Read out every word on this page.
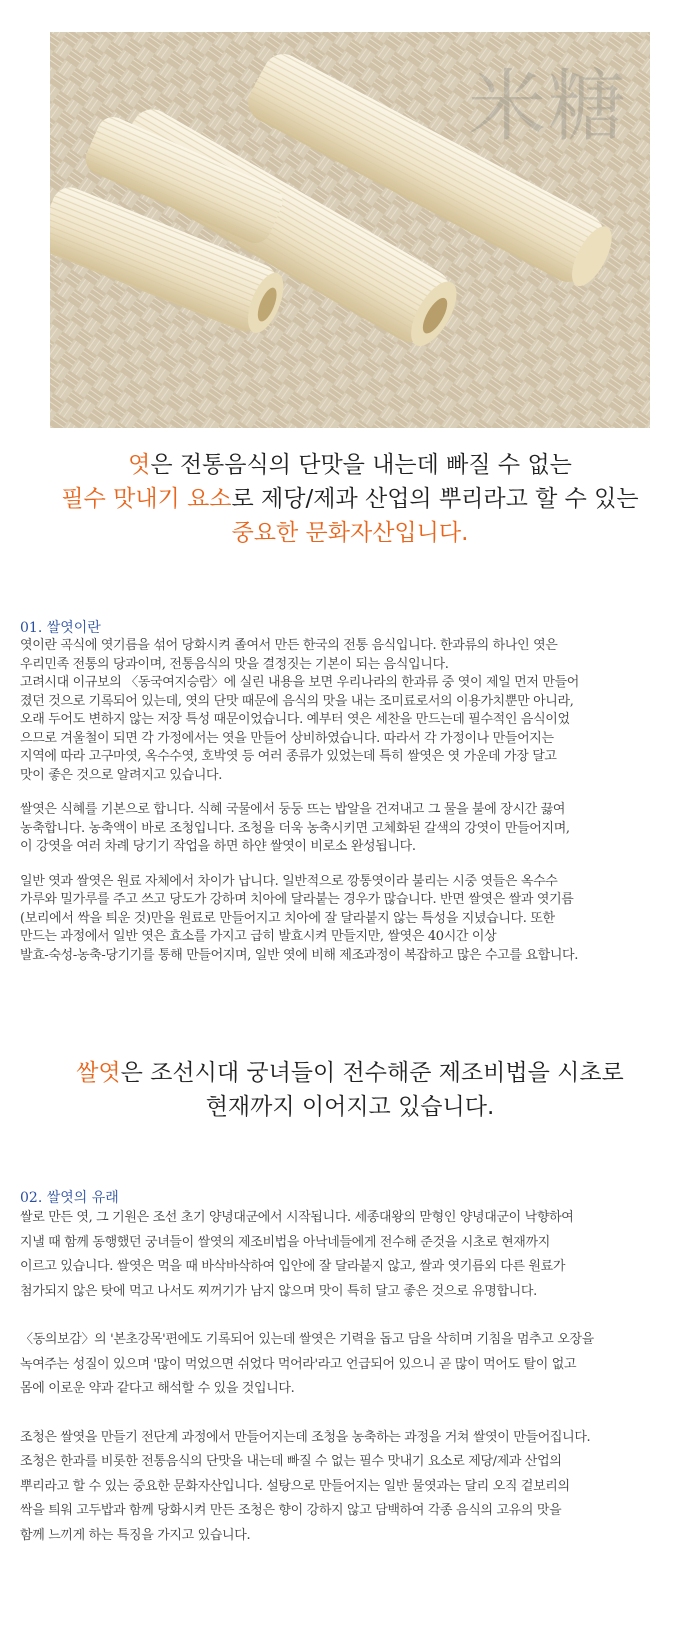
米糖
엿은 전통음식의 단맛을 내는데 빠질 수 없는
필수 맛내기 요소로 제당/제과 산업의 뿌리라고 할 수 있는
중요한 문화자산입니다.
01. 쌀엿이란

엿이란 곡식에 엿기름을 섞어 당화시켜 졸여서 만든 한국의 전통 음식입니다. 한과류의 하나인 엿은
우리민족 전통의 당과이며, 전통음식의 맛을 결정짓는 기본이 되는 음식입니다.
고려시대 이규보의 〈동국여지승람〉에 실린 내용을 보면 우리나라의 한과류 중 엿이 제일 먼저 만들어
졌던 것으로 기록되어 있는데, 엿의 단맛 때문에 음식의 맛을 내는 조미료로서의 이용가치뿐만 아니라,
오래 두어도 변하지 않는 저장 특성 때문이었습니다. 예부터 엿은 세찬을 만드는데 필수적인 음식이었
으므로 겨울철이 되면 각 가정에서는 엿을 만들어 상비하였습니다. 따라서 각 가정이나 만들어지는
지역에 따라 고구마엿, 옥수수엿, 호박엿 등 여러 종류가 있었는데 특히 쌀엿은 엿 가운데 가장 달고
맛이 좋은 것으로 알려지고 있습니다.

쌀엿은 식혜를 기본으로 합니다. 식혜 국물에서 둥둥 뜨는 밥알을 건져내고 그 물을 불에 장시간 끓여
농축합니다. 농축액이 바로 조청입니다. 조청을 더욱 농축시키면 고체화된 갈색의 강엿이 만들어지며,
이 강엿을 여러 차례 당기기 작업을 하면 하얀 쌀엿이 비로소 완성됩니다.

일반 엿과 쌀엿은 원료 자체에서 차이가 납니다. 일반적으로 깡통엿이라 불리는 시중 엿들은 옥수수
가루와 밀가루를 주고 쓰고 당도가 강하며 치아에 달라붙는 경우가 많습니다. 반면 쌀엿은 쌀과 엿기름
(보리에서 싹을 틔운 것)만을 원료로 만들어지고 치아에 잘 달라붙지 않는 특성을 지녔습니다. 또한
만드는 과정에서 일반 엿은 효소를 가지고 급히 발효시켜 만들지만, 쌀엿은 40시간 이상
발효-숙성-농축-당기기를 통해 만들어지며, 일반 엿에 비해 제조과정이 복잡하고 많은 수고를 요합니다.

쌀엿은 조선시대 궁녀들이 전수해준 제조비법을 시초로
현재까지 이어지고 있습니다.
02. 쌀엿의 유래

쌀로 만든 엿, 그 기원은 조선 초기 양녕대군에서 시작됩니다. 세종대왕의 맏형인 양녕대군이 낙향하여
지낼 때 함께 동행했던 궁녀들이 쌀엿의 제조비법을 아낙네들에게 전수해 준것을 시초로 현재까지
이르고 있습니다. 쌀엿은 먹을 때 바삭바삭하여 입안에 잘 달라붙지 않고, 쌀과 엿기름외 다른 원료가
첨가되지 않은 탓에 먹고 나서도 찌꺼기가 남지 않으며 맛이 특히 달고 좋은 것으로 유명합니다.

〈동의보감〉의 '본초강목'편에도 기록되어 있는데 쌀엿은 기력을 돕고 담을 삭히며 기침을 멈추고 오장을
녹여주는 성질이 있으며 '많이 먹었으면 쉬었다 먹어라'라고 언급되어 있으니 곧 많이 먹어도 탈이 없고
몸에 이로운 약과 같다고 해석할 수 있을 것입니다.

조청은 쌀엿을 만들기 전단계 과정에서 만들어지는데 조청을 농축하는 과정을 거쳐 쌀엿이 만들어집니다.
조청은 한과를 비롯한 전통음식의 단맛을 내는데 빠질 수 없는 필수 맛내기 요소로 제당/제과 산업의
뿌리라고 할 수 있는 중요한 문화자산입니다. 설탕으로 만들어지는 일반 물엿과는 달리 오직 겉보리의
싹을 틔워 고두밥과 함께 당화시켜 만든 조청은 향이 강하지 않고 담백하여 각종 음식의 고유의 맛을
함께 느끼게 하는 특징을 가지고 있습니다.
